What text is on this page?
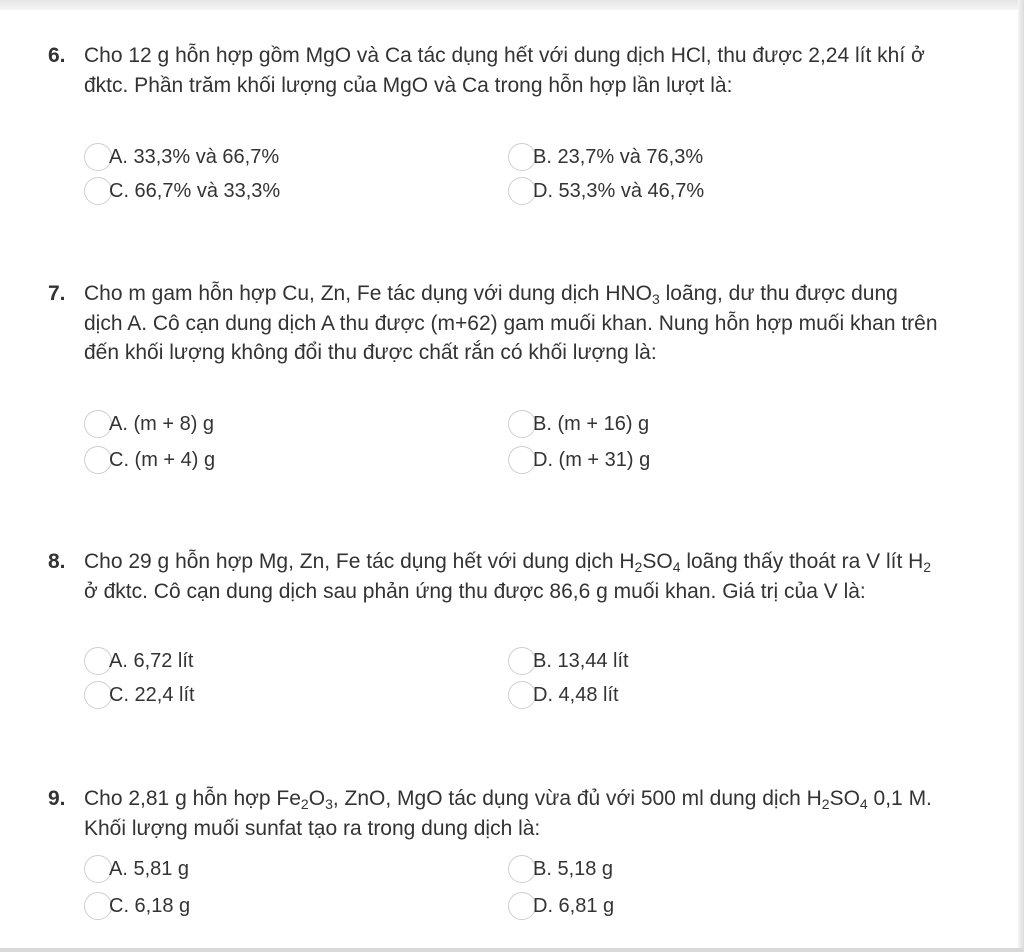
6. Cho 12 g hỗn hợp gồm MgO và Ca tác dụng hết với dung dịch HCl, thu được 2,24 lít khí ở đktc. Phần trăm khối lượng của MgO và Ca trong hỗn hợp lần lượt là:
A. 33,3% và 66,7%	B. 23,7% và 76,3%
C. 66,7% và 33,3%	D. 53,3% và 46,7%
7. Cho m gam hỗn hợp Cu, Zn, Fe tác dụng với dung dịch $HNO_3$ loãng, dư thu được dung dịch A. Cô cạn dung dịch A thu được (m+62) gam muối khan. Nung hỗn hợp muối khan trên đến khối lượng không đổi thu được chất rắn có khối lượng là:
A. (m + 8) g	B. (m + 16) g
C. (m + 4) g	D. (m + 31) g
8. Cho 29 g hỗn hợp Mg, Zn, Fe tác dụng hết với dung dịch $H_2SO_4$ loãng thấy thoát ra V lít $H_2$ ở đktc. Cô cạn dung dịch sau phản ứng thu được 86,6 g muối khan. Giá trị của V là:
A. 6,72 lít	B. 13,44 lít
C. 22,4 lít	D. 4,48 lít
9. Cho 2,81 g hỗn hợp $Fe_2O_3$, ZnO, MgO tác dụng vừa đủ với 500 ml dung dịch $H_2SO_4$ 0,1 M. Khối lượng muối sunfat tạo ra trong dung dịch là:
A. 5,81 g	B. 5,18 g
C. 6,18 g	D. 6,81 g
